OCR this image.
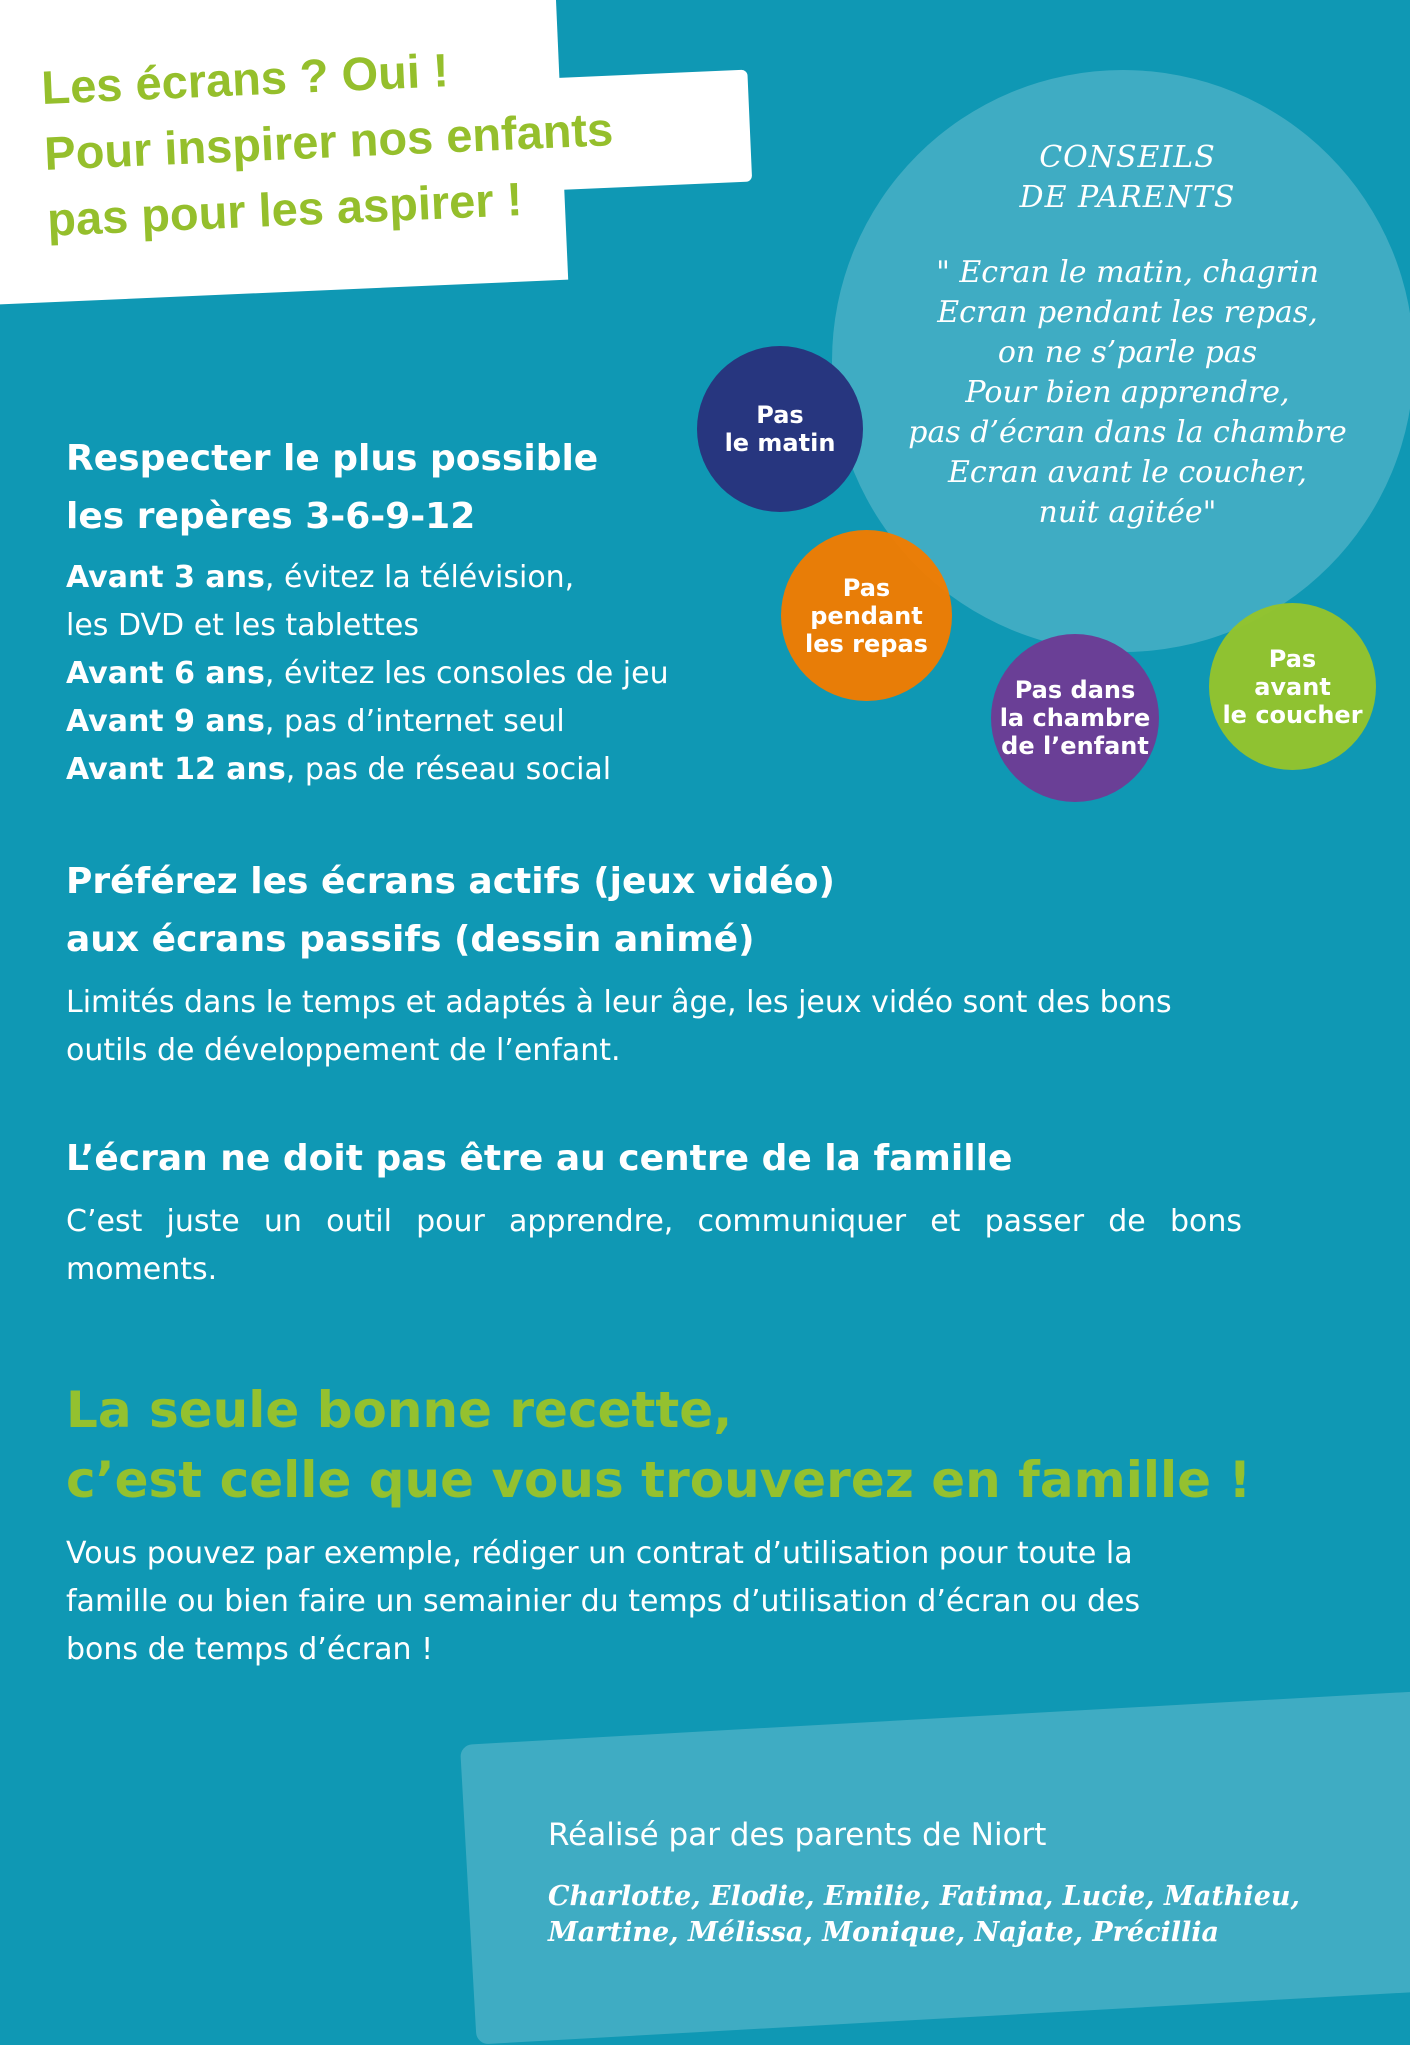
Les écrans ? Oui !
Pour inspirer nos enfants
pas pour les aspirer !
CONSEILS
DE PARENTS
" Ecran le matin, chagrin
Ecran pendant les repas,
on ne s’parle pas
Pour bien apprendre,
pas d’écran dans la chambre
Ecran avant le coucher,
nuit agitée"
Pas
le matin
Pas
pendant
les repas
Pas dans
la chambre
de l’enfant
Pas
avant
le coucher
Respecter le plus possible
les repères 3-6-9-12
Avant 3 ans, évitez la télévision,
les DVD et les tablettes
Avant 6 ans, évitez les consoles de jeu
Avant 9 ans, pas d’internet seul
Avant 12 ans, pas de réseau social
Préférez les écrans actifs (jeux vidéo)
aux écrans passifs (dessin animé)
Limités dans le temps et adaptés à leur âge, les jeux vidéo sont des bons
outils de développement de l’enfant.
L’écran ne doit pas être au centre de la famille
C’est juste un outil pour apprendre, communiquer et passer de bons
moments.
La seule bonne recette,
c’est celle que vous trouverez en famille !
Vous pouvez par exemple, rédiger un contrat d’utilisation pour toute la
famille ou bien faire un semainier du temps d’utilisation d’écran ou des
bons de temps d’écran !
Réalisé par des parents de Niort
Charlotte, Elodie, Emilie, Fatima, Lucie, Mathieu,
Martine, Mélissa, Monique, Najate, Précillia
